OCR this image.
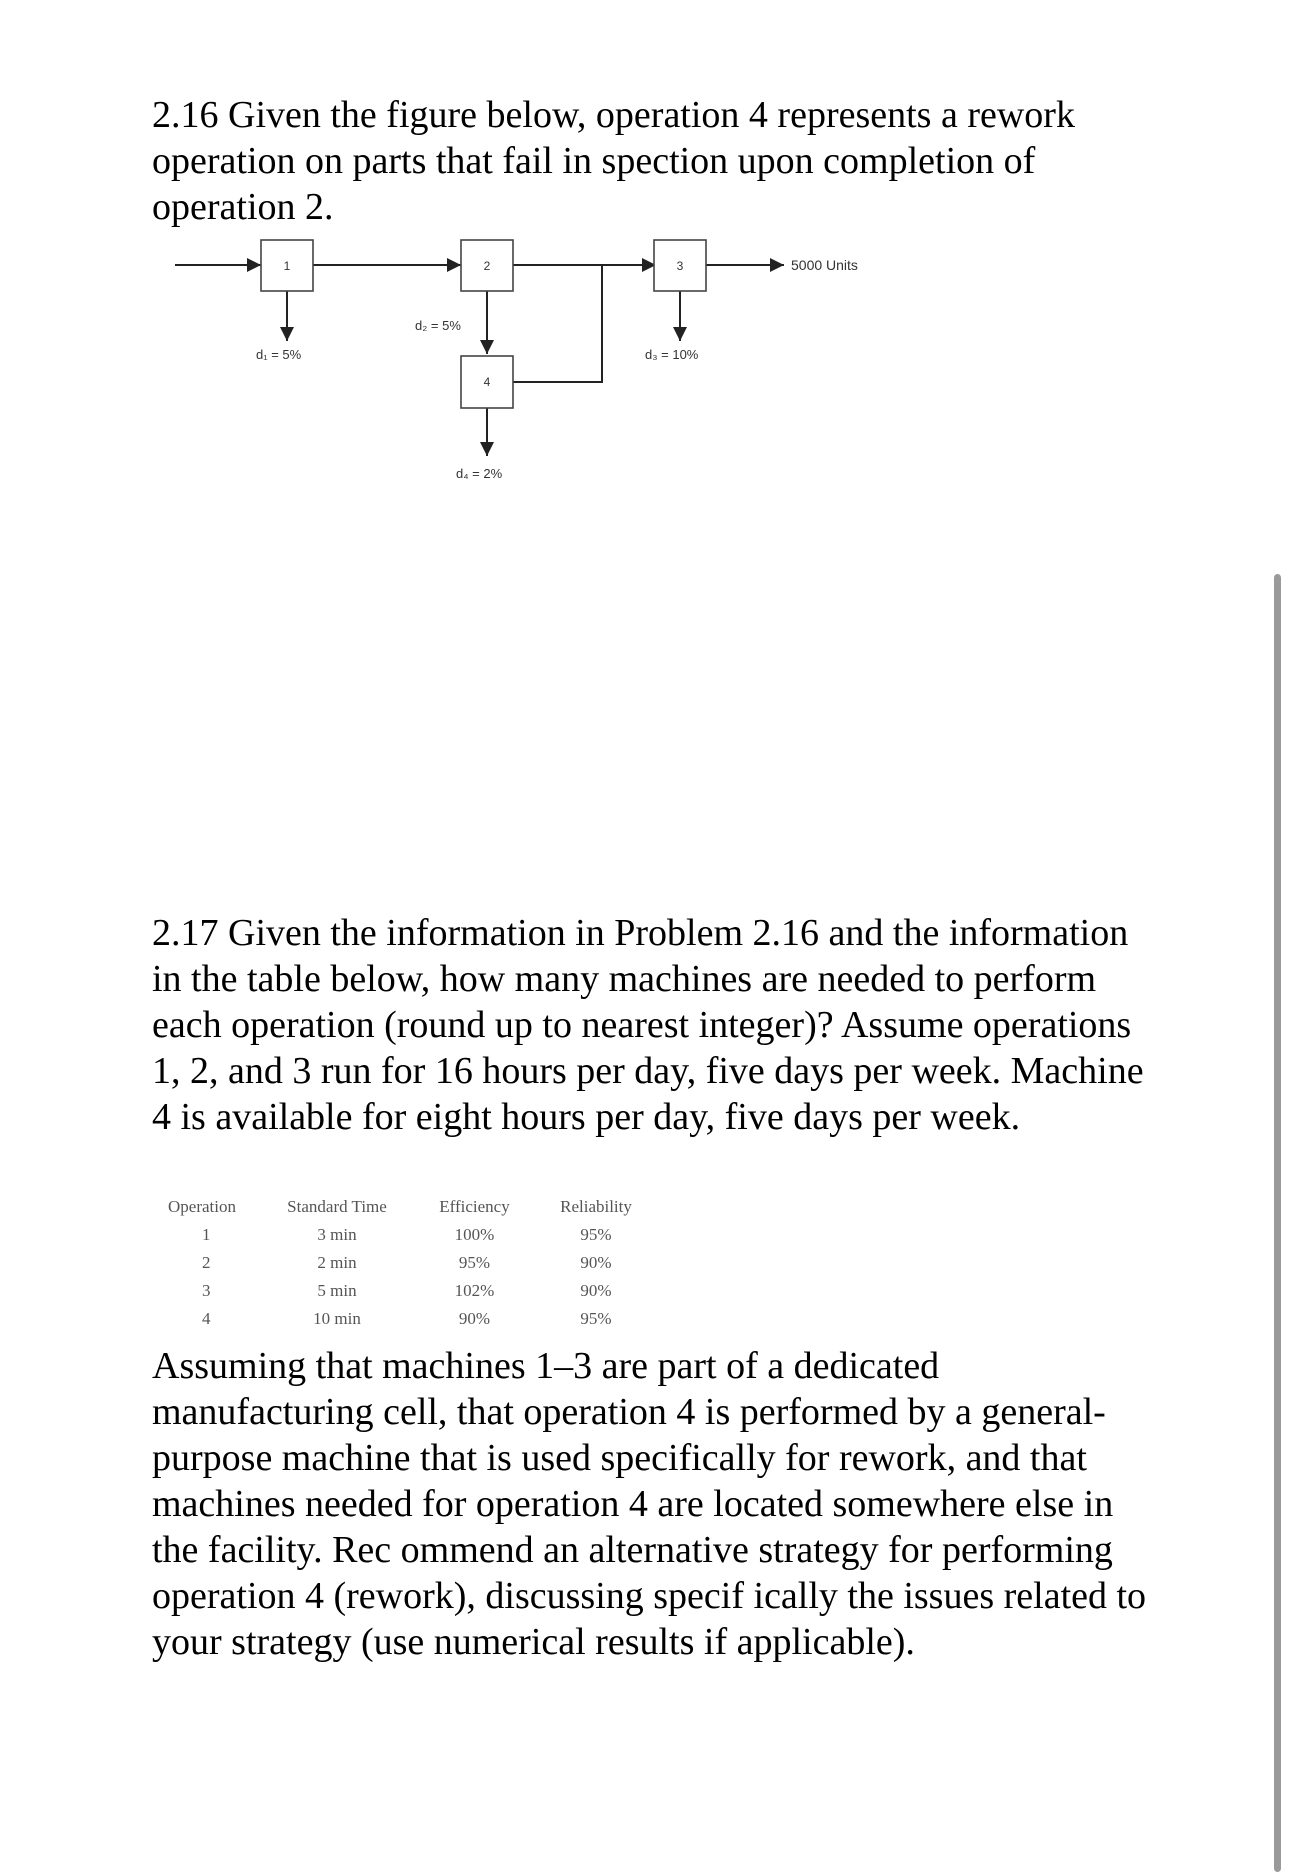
2.16 Given the figure below, operation 4 represents a rework operation on parts that fail in spection upon completion of operation 2.

1	2	3
4
d₁ = 5%
d₂ = 5%
d₃ = 10%
d₄ = 2%
5000 Units

2.17 Given the information in Problem 2.16 and the information in the table below, how many machines are needed to perform each operation (round up to nearest integer)? Assume operations 1, 2, and 3 run for 16 hours per day, five days per week. Machine 4 is available for eight hours per day, five days per week.

Operation	Standard Time	Efficiency	Reliability
1	3 min	100%	95%
2	2 min	95%	90%
3	5 min	102%	90%
4	10 min	90%	95%

Assuming that machines 1–3 are part of a dedicated manufacturing cell, that operation 4 is performed by a general-purpose machine that is used specifically for rework, and that machines needed for operation 4 are located somewhere else in the facility. Rec ommend an alternative strategy for performing operation 4 (rework), discussing specif ically the issues related to your strategy (use numerical results if applicable).
